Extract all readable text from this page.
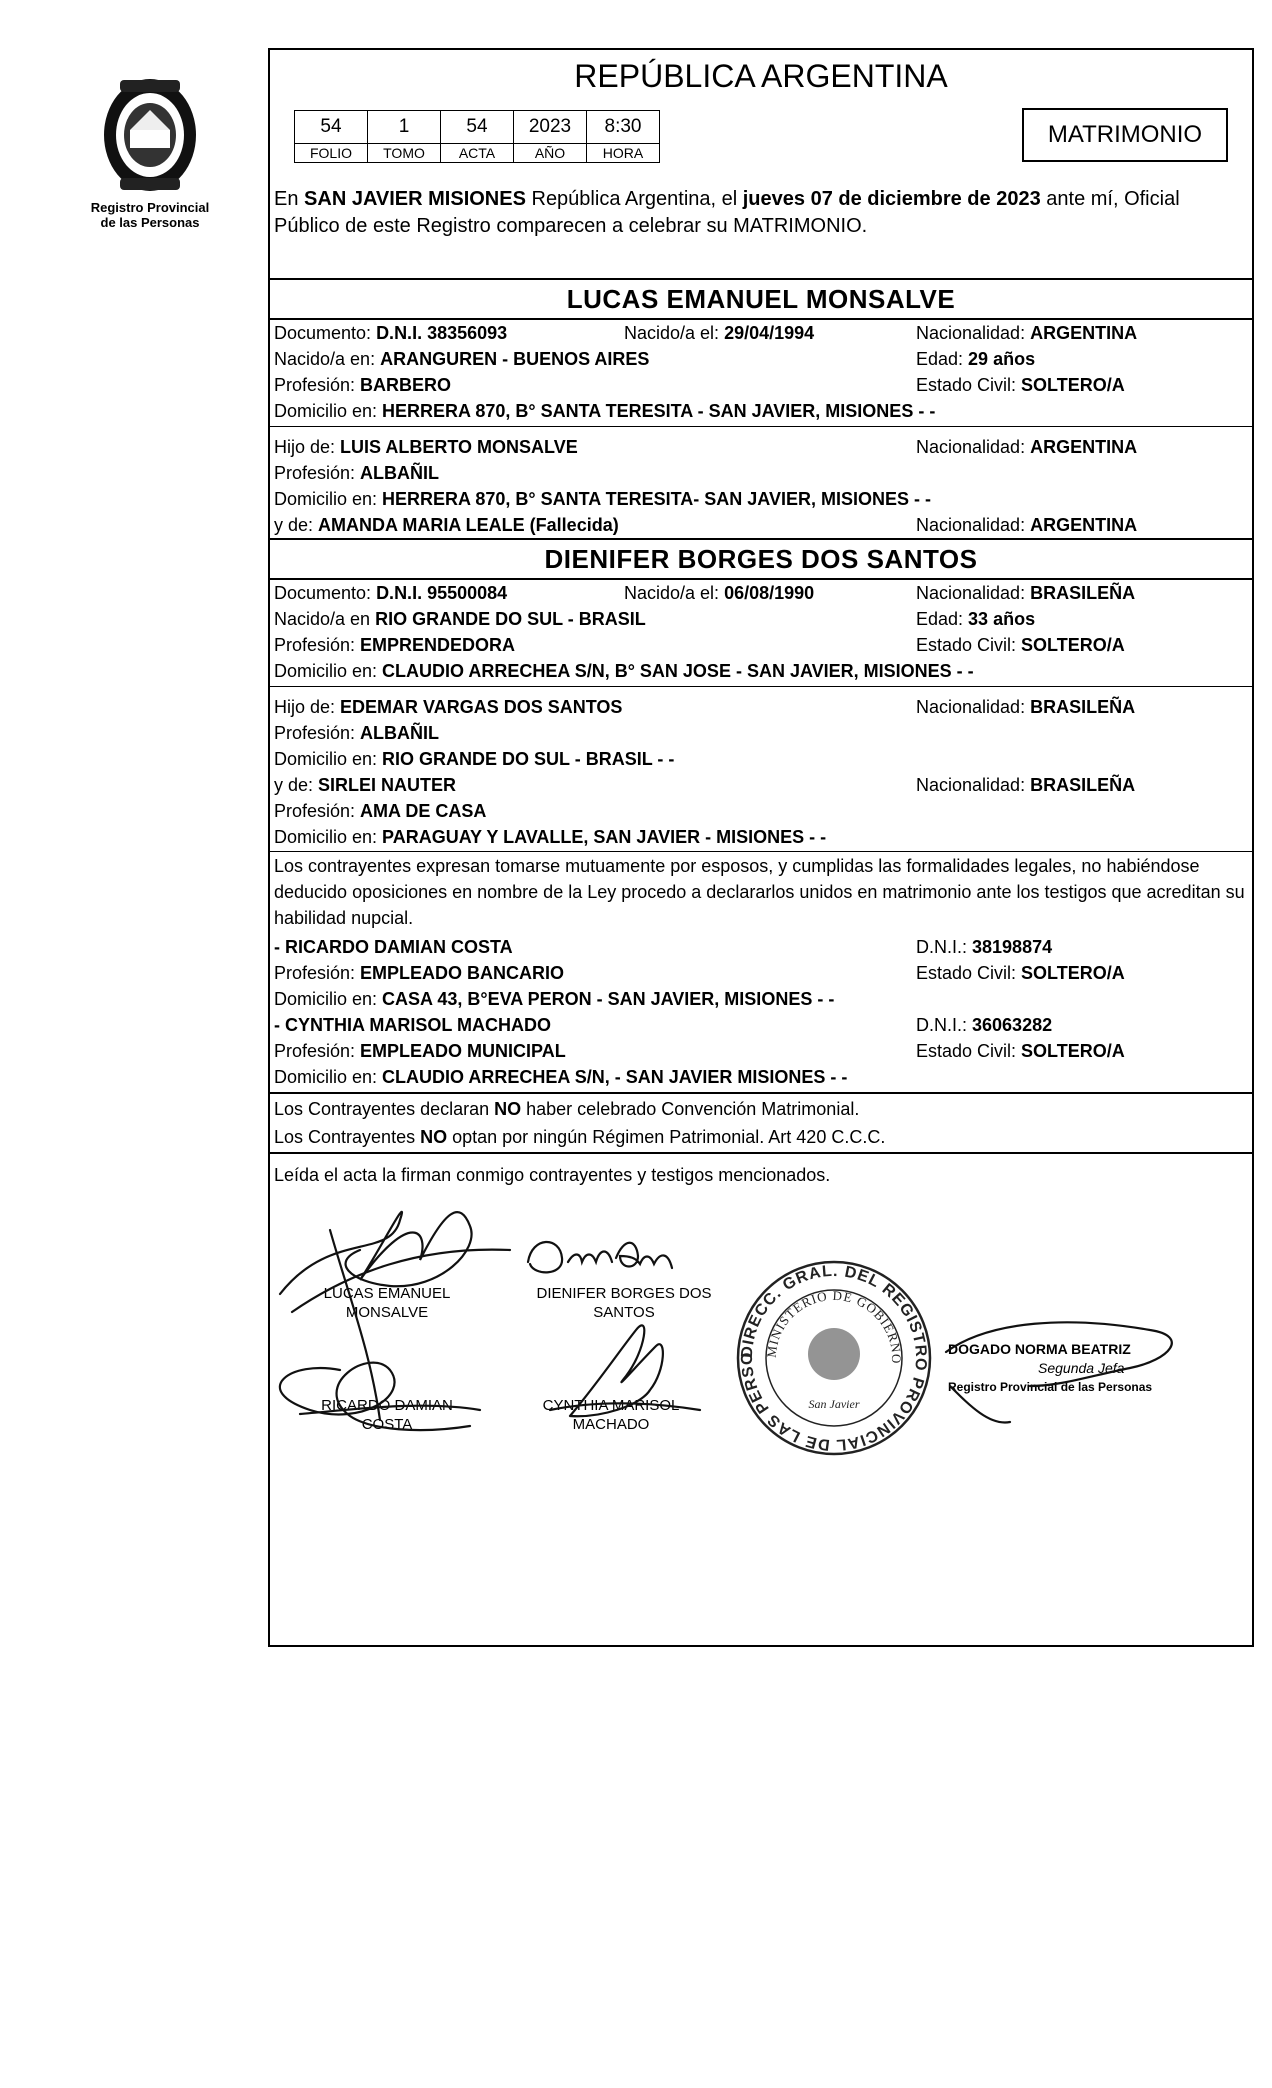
Registro Provincial
de las Personas
REPÚBLICA ARGENTINA
54	1	54	2023	8:30
FOLIO	TOMO	ACTA	AÑO	HORA
MATRIMONIO
En SAN JAVIER MISIONES República Argentina, el jueves 07 de diciembre de 2023 ante mí, Oficial Público de este Registro comparecen a celebrar su MATRIMONIO.
LUCAS EMANUEL MONSALVE
Documento: D.N.I. 38356093	Nacido/a el: 29/04/1994	Nacionalidad: ARGENTINA
Nacido/a en: ARANGUREN - BUENOS AIRES	Edad: 29 años
Profesión: BARBERO	Estado Civil: SOLTERO/A
Domicilio en: HERRERA 870, B° SANTA TERESITA - SAN JAVIER, MISIONES - -
Hijo de: LUIS ALBERTO MONSALVE	Nacionalidad: ARGENTINA
Profesión: ALBAÑIL
Domicilio en: HERRERA 870, B° SANTA TERESITA- SAN JAVIER, MISIONES - -
y de: AMANDA MARIA LEALE (Fallecida)	Nacionalidad: ARGENTINA
DIENIFER BORGES DOS SANTOS
Documento: D.N.I. 95500084	Nacido/a el: 06/08/1990	Nacionalidad: BRASILEÑA
Nacido/a en RIO GRANDE DO SUL - BRASIL	Edad: 33 años
Profesión: EMPRENDEDORA	Estado Civil: SOLTERO/A
Domicilio en: CLAUDIO ARRECHEA S/N, B° SAN JOSE - SAN JAVIER, MISIONES - -
Hijo de: EDEMAR VARGAS DOS SANTOS	Nacionalidad: BRASILEÑA
Profesión: ALBAÑIL
Domicilio en: RIO GRANDE DO SUL - BRASIL - -
y de: SIRLEI NAUTER	Nacionalidad: BRASILEÑA
Profesión: AMA DE CASA
Domicilio en: PARAGUAY Y LAVALLE, SAN JAVIER - MISIONES - -
Los contrayentes expresan tomarse mutuamente por esposos, y cumplidas las formalidades legales, no habiéndose deducido oposiciones en nombre de la Ley procedo a declararlos unidos en matrimonio ante los testigos que acreditan su habilidad nupcial.
- RICARDO DAMIAN COSTA	D.N.I.: 38198874
Profesión: EMPLEADO BANCARIO	Estado Civil: SOLTERO/A
Domicilio en: CASA 43, B°EVA PERON - SAN JAVIER, MISIONES - -
- CYNTHIA MARISOL MACHADO	D.N.I.: 36063282
Profesión: EMPLEADO MUNICIPAL	Estado Civil: SOLTERO/A
Domicilio en: CLAUDIO ARRECHEA S/N, - SAN JAVIER MISIONES - -
Los Contrayentes declaran NO haber celebrado Convención Matrimonial.
Los Contrayentes NO optan por ningún Régimen Patrimonial. Art 420 C.C.C.
Leída el acta la firman conmigo contrayentes y testigos mencionados.
LUCAS EMANUEL
MONSALVE
DIENIFER BORGES DOS
SANTOS
RICARDO DAMIAN
COSTA
CYNTHIA MARISOL
MACHADO
DOGADO NORMA BEATRIZ
Segunda Jefa
Registro Provincial de las Personas
DIRECC. GRAL. DEL REGISTRO PROVINCIAL DE LAS PERSO MINISTERIO DE GOBIERNO
San Javier
